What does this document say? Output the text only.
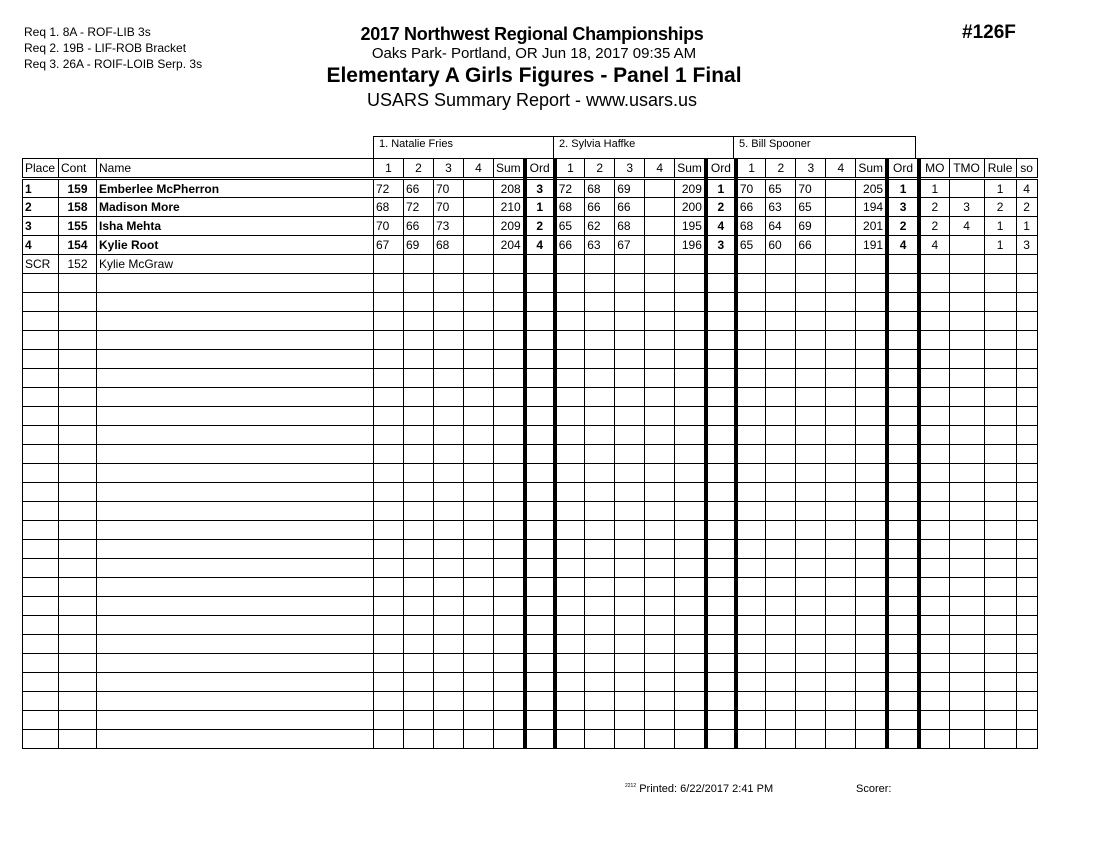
Req 1. 8A - ROF-LIB 3s
Req 2. 19B - LIF-ROB Bracket
Req 3. 26A - ROIF-LOIB Serp. 3s
2017 Northwest Regional Championships
Oaks Park- Portland, OR Jun 18, 2017 09:35 AM
Elementary A Girls Figures - Panel 1 Final
USARS Summary Report - www.usars.us
#126F
1. Natalie Fries	2. Sylvia Haffke	5. Bill Spooner
Place	Cont	Name	1	2	3	4	Sum	Ord	1	2	3	4	Sum	Ord	1	2	3	4	Sum	Ord	MO	TMO	Rule	so
1	159	Emberlee McPherron	72	66	70		208	3	72	68	69		209	1	70	65	70		205	1	1		1	4
2	158	Madison More	68	72	70		210	1	68	66	66		200	2	66	63	65		194	3	2	3	2	2
3	155	Isha Mehta	70	66	73		209	2	65	62	68		195	4	68	64	69		201	2	2	4	1	1
4	154	Kylie Root	67	69	68		204	4	66	63	67		196	3	65	60	66		191	4	4		1	3
SCR	152	Kylie McGraw																						

$^{2212}$ Printed: 6/22/2017 2:41 PM	Scorer:
